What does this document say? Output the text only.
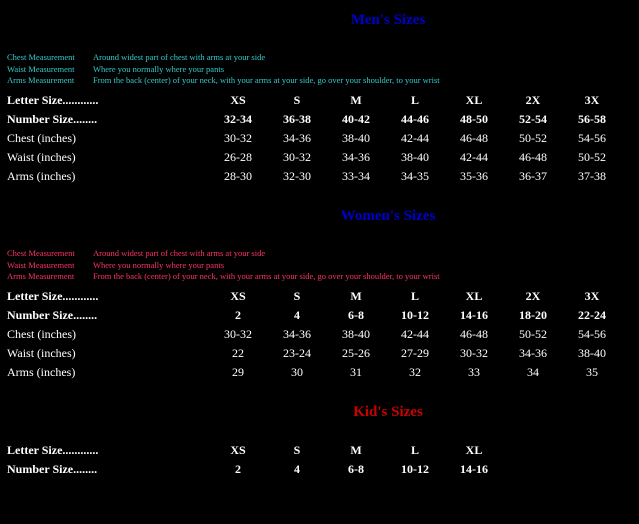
Men's Sizes
Chest Measurement Around widest part of chest with arms at your side
Waist Measurement Where you normally where your pants
Arms Measurement From the back (center) of your neck, with your arms at your side, go over your shoulder, to your wrist
Letter Size............	XS	S	M	L	XL	2X	3X
Number Size........	32-34	36-38	40-42	44-46	48-50	52-54	56-58
Chest (inches)	30-32	34-36	38-40	42-44	46-48	50-52	54-56
Waist (inches)	26-28	30-32	34-36	38-40	42-44	46-48	50-52
Arms (inches)	28-30	32-30	33-34	34-35	35-36	36-37	37-38
Women's Sizes
Chest Measurement Around widest part of chest with arms at your side
Waist Measurement Where you normally where your pants
Arms Measurement From the back (center) of your neck, with your arms at your side, go over your shoulder, to your wrist
Letter Size............	XS	S	M	L	XL	2X	3X
Number Size........	2	4	6-8	10-12	14-16	18-20	22-24
Chest (inches)	30-32	34-36	38-40	42-44	46-48	50-52	54-56
Waist (inches)	22	23-24	25-26	27-29	30-32	34-36	38-40
Arms (inches)	29	30	31	32	33	34	35
Kid's Sizes
Letter Size............	XS	S	M	L	XL
Number Size........	2	4	6-8	10-12	14-16
